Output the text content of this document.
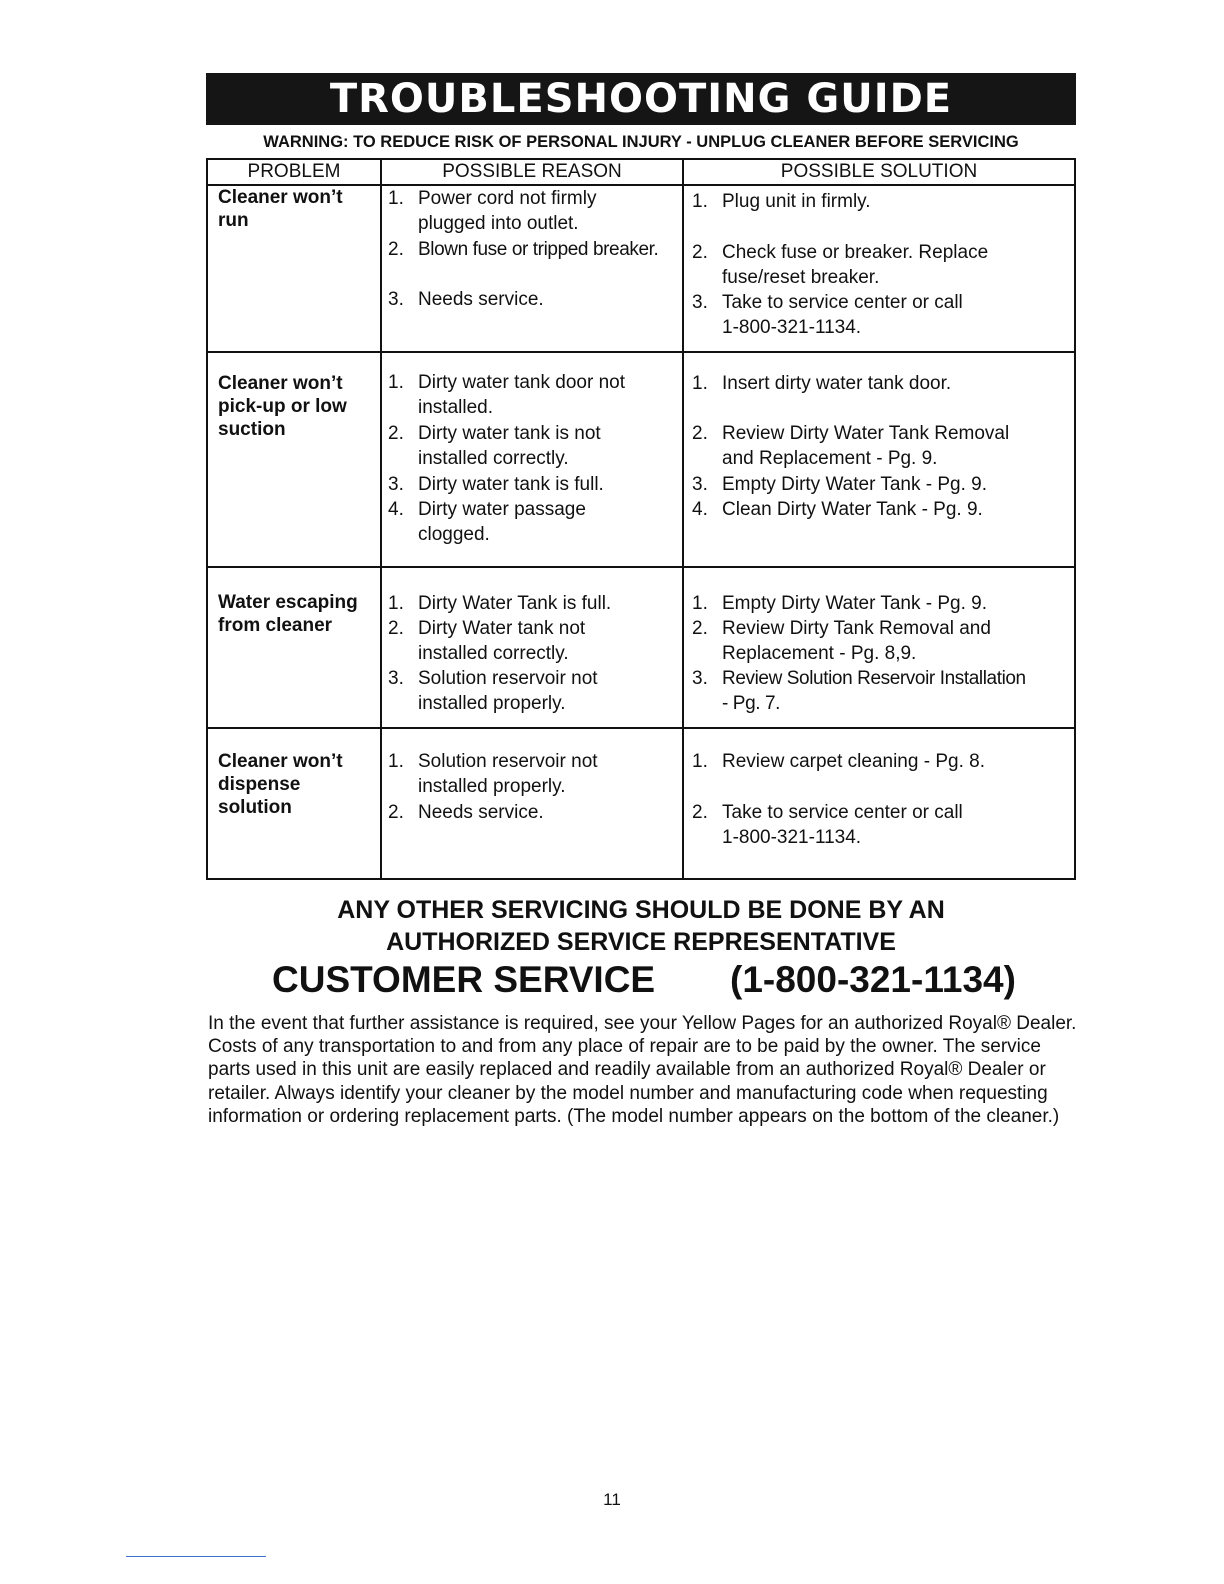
TROUBLESHOOTING GUIDE
WARNING: TO REDUCE RISK OF PERSONAL INJURY - UNPLUG CLEANER BEFORE SERVICING
PROBLEM	POSSIBLE REASON	POSSIBLE SOLUTION
Cleaner won’t
run
1. Power cord not firmly
plugged into outlet.
2. Blown fuse or tripped breaker.
3. Needs service.
1. Plug unit in firmly.
2. Check fuse or breaker. Replace
fuse/reset breaker.
3. Take to service center or call
1-800-321-1134.
Cleaner won’t
pick-up or low
suction
1. Dirty water tank door not
installed.
2. Dirty water tank is not
installed correctly.
3. Dirty water tank is full.
4. Dirty water passage
clogged.
1. Insert dirty water tank door.
2. Review Dirty Water Tank Removal
and Replacement - Pg. 9.
3. Empty Dirty Water Tank - Pg. 9.
4. Clean Dirty Water Tank - Pg. 9.
Water escaping
from cleaner
1. Dirty Water Tank is full.
2. Dirty Water tank not
installed correctly.
3. Solution reservoir not
installed properly.
1. Empty Dirty Water Tank - Pg. 9.
2. Review Dirty Tank Removal and
Replacement - Pg. 8,9.
3. Review Solution Reservoir Installation
- Pg. 7.
Cleaner won’t
dispense
solution
1. Solution reservoir not
installed properly.
2. Needs service.
1. Review carpet cleaning - Pg. 8.
2. Take to service center or call
1-800-321-1134.
ANY OTHER SERVICING SHOULD BE DONE BY AN
AUTHORIZED SERVICE REPRESENTATIVE
CUSTOMER SERVICE (1-800-321-1134)
In the event that further assistance is required, see your Yellow Pages for an authorized Royal® Dealer. Costs of any transportation to and from any place of repair are to be paid by the owner. The service parts used in this unit are easily replaced and readily available from an authorized Royal® Dealer or retailer. Always identify your cleaner by the model number and manufacturing code when requesting information or ordering replacement parts. (The model number appears on the bottom of the cleaner.)
11
